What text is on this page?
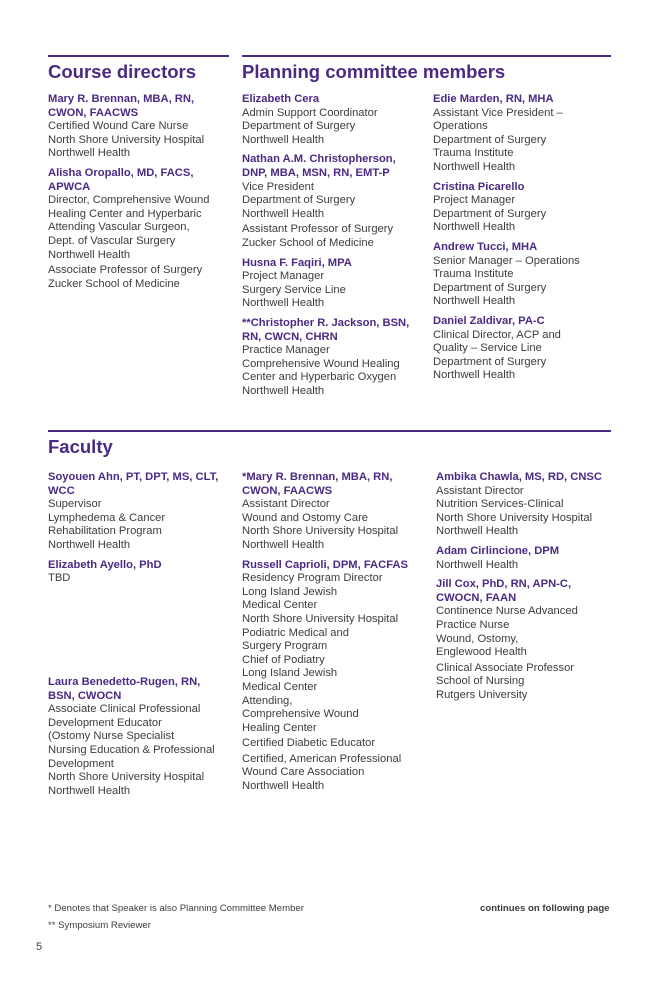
Course directors Planning committee members
Faculty
Mary R. Brennan, MBA, RN,
CWON, FAACWS
Certified Wound Care Nurse
North Shore University Hospital
Northwell Health
Alisha Oropallo, MD, FACS,
APWCA
Director, Comprehensive Wound
Healing Center and Hyperbaric
Attending Vascular Surgeon,
Dept. of Vascular Surgery
Northwell Health
Associate Professor of Surgery
Zucker School of Medicine
Elizabeth Cera
Admin Support Coordinator
Department of Surgery
Northwell Health
Nathan A.M. Christopherson,
DNP, MBA, MSN, RN, EMT-P
Vice President
Department of Surgery
Northwell Health
Assistant Professor of Surgery
Zucker School of Medicine
Husna F. Faqiri, MPA
Project Manager
Surgery Service Line
Northwell Health
**Christopher R. Jackson, BSN,
RN, CWCN, CHRN
Practice Manager
Comprehensive Wound Healing
Center and Hyperbaric Oxygen
Northwell Health
Edie Marden, RN, MHA
Assistant Vice President –
Operations
Department of Surgery
Trauma Institute
Northwell Health
Cristina Picarello
Project Manager
Department of Surgery
Northwell Health
Andrew Tucci, MHA
Senior Manager – Operations
Trauma Institute
Department of Surgery
Northwell Health
Daniel Zaldivar, PA-C
Clinical Director, ACP and
Quality – Service Line
Department of Surgery
Northwell Health
Soyouen Ahn, PT, DPT, MS, CLT,
WCC
Supervisor
Lymphedema & Cancer
Rehabilitation Program
Northwell Health
Elizabeth Ayello, PhD
TBD
Laura Benedetto-Rugen, RN,
BSN, CWOCN
Associate Clinical Professional
Development Educator
(Ostomy Nurse Specialist
Nursing Education & Professional
Development
North Shore University Hospital
Northwell Health
*Mary R. Brennan, MBA, RN,
CWON, FAACWS
Assistant Director
Wound and Ostomy Care
North Shore University Hospital
Northwell Health
Russell Caprioli, DPM, FACFAS
Residency Program Director
Long Island Jewish
Medical Center
North Shore University Hospital
Podiatric Medical and
Surgery Program
Chief of Podiatry
Long Island Jewish
Medical Center
Attending,
Comprehensive Wound
Healing Center
Certified Diabetic Educator
Certified, American Professional
Wound Care Association
Northwell Health
Ambika Chawla, MS, RD, CNSC
Assistant Director
Nutrition Services-Clinical
North Shore University Hospital
Northwell Health
Adam Cirlincione, DPM
Northwell Health
Jill Cox, PhD, RN, APN-C,
CWOCN, FAAN
Continence Nurse Advanced
Practice Nurse
Wound, Ostomy,
Englewood Health
Clinical Associate Professor
School of Nursing
Rutgers University
* Denotes that Speaker is also Planning Committee Member
** Symposium Reviewer
continues on following page
5
